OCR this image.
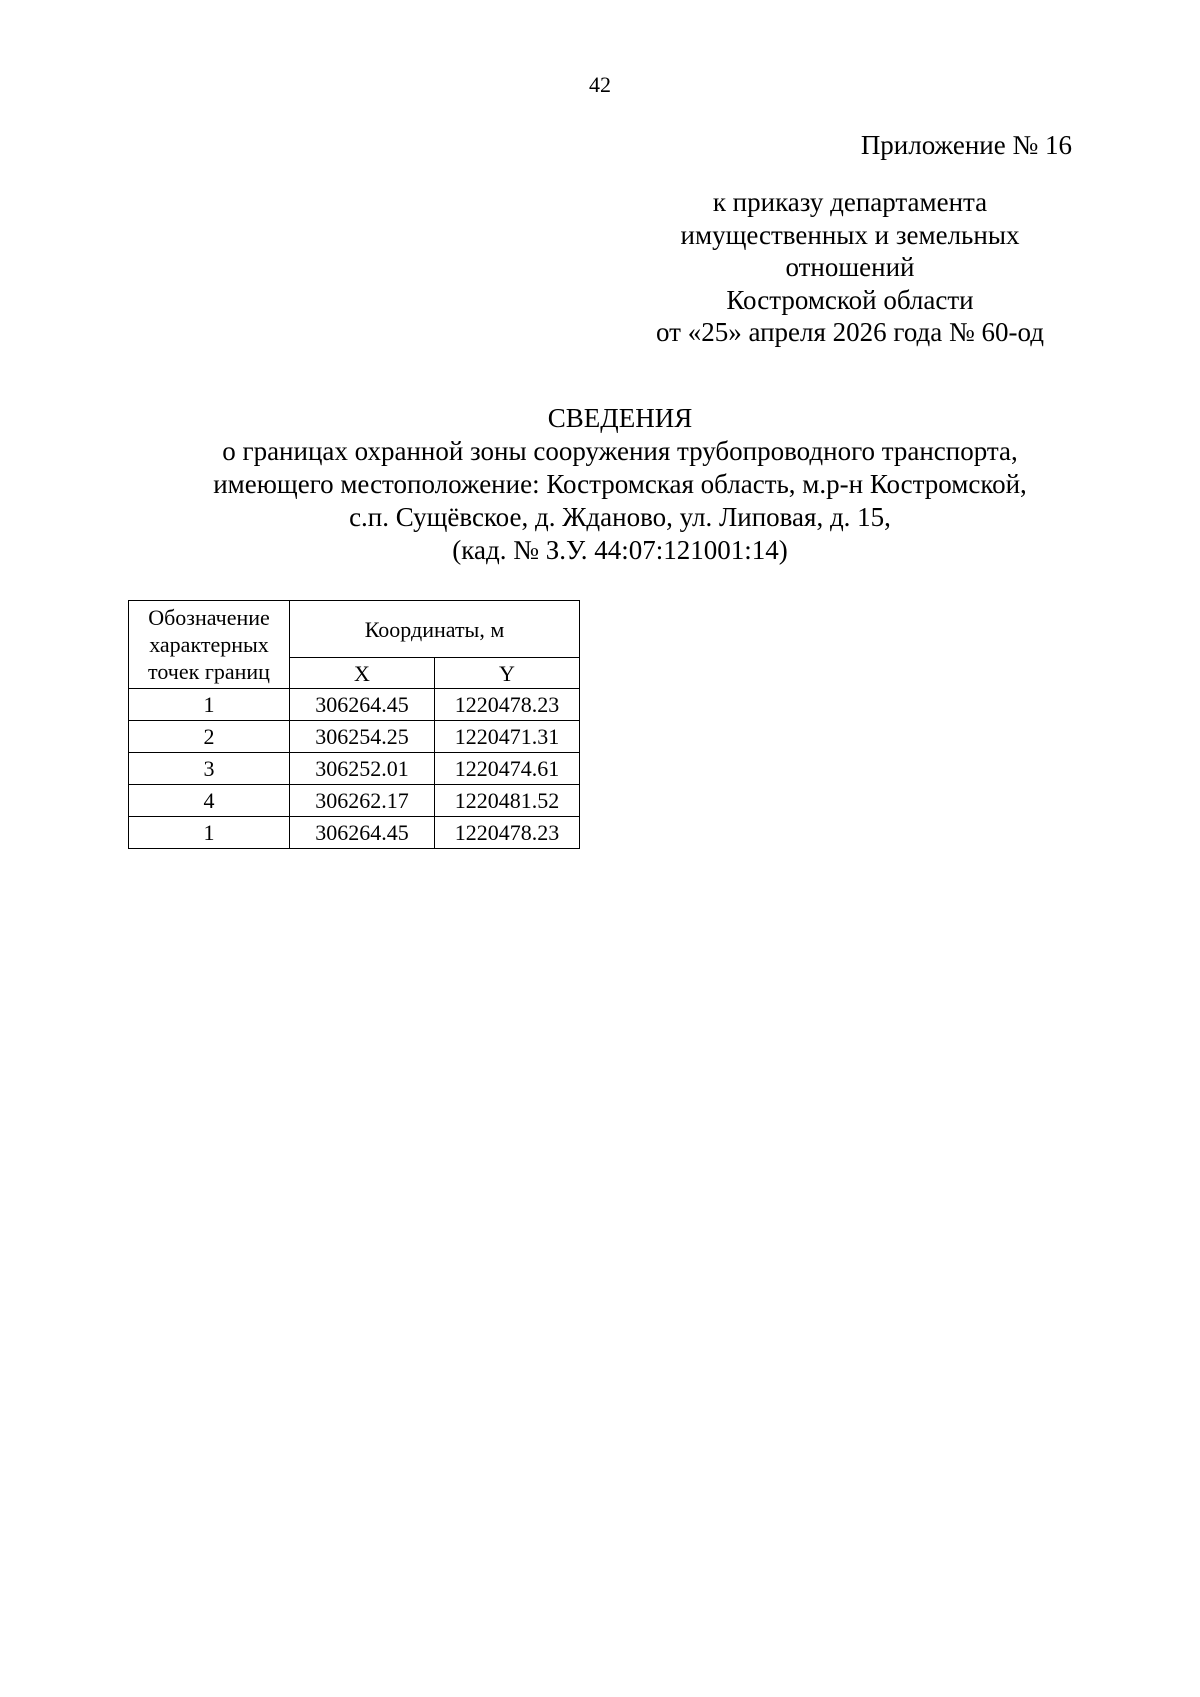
42
Приложение № 16
к приказу департамента
имущественных и земельных
отношений
Костромской области
от «25» апреля 2026 года № 60-од
СВЕДЕНИЯ
о границах охранной зоны сооружения трубопроводного транспорта,
имеющего местоположение: Костромская область, м.р-н Костромской,
с.п. Сущёвское, д. Жданово, ул. Липовая, д. 15,
(кад. № З.У. 44:07:121001:14)
Обозначение характерных точек границ	Координаты, м	
	X	Y
1	306264.45	1220478.23
2	306254.25	1220471.31
3	306252.01	1220474.61
4	306262.17	1220481.52
1	306264.45	1220478.23
